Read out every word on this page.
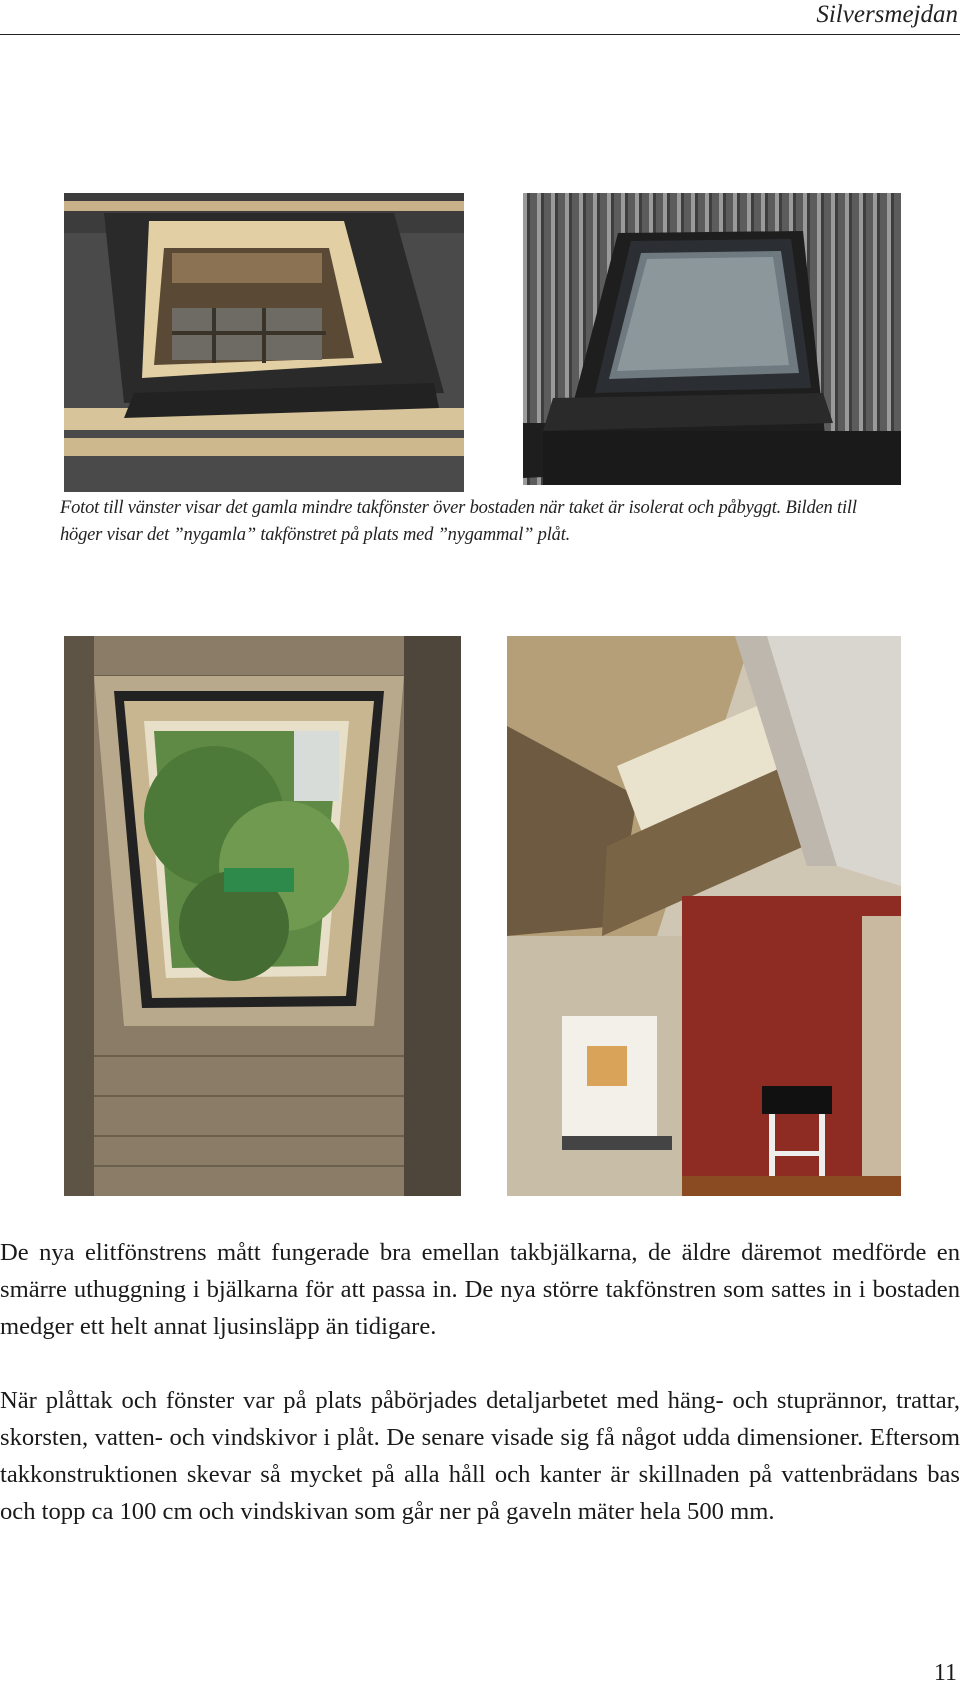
Silversmejdan
Fotot till vänster visar det gamla mindre takfönster över bostaden när taket är isolerat och påbyggt. Bilden till
höger visar det ”nygamla” takfönstret på plats med ”nygammal” plåt.

De nya elitfönstrens mått fungerade bra emellan takbjälkarna, de äldre däremot medförde en smärre uthuggning i bjälkarna för att passa in. De nya större takfönstren som sattes in i bostaden medger ett helt annat ljusinsläpp än tidigare.

När plåttak och fönster var på plats påbörjades detaljarbetet med häng- och stuprännor, trattar, skorsten, vatten- och vindskivor i plåt. De senare visade sig få något udda dimensioner. Eftersom takkonstruktionen skevar så mycket på alla håll och kanter är skillnaden på vattenbrädans bas och topp ca 100 cm och vindskivan som går ner på gaveln mäter hela 500 mm.

11
